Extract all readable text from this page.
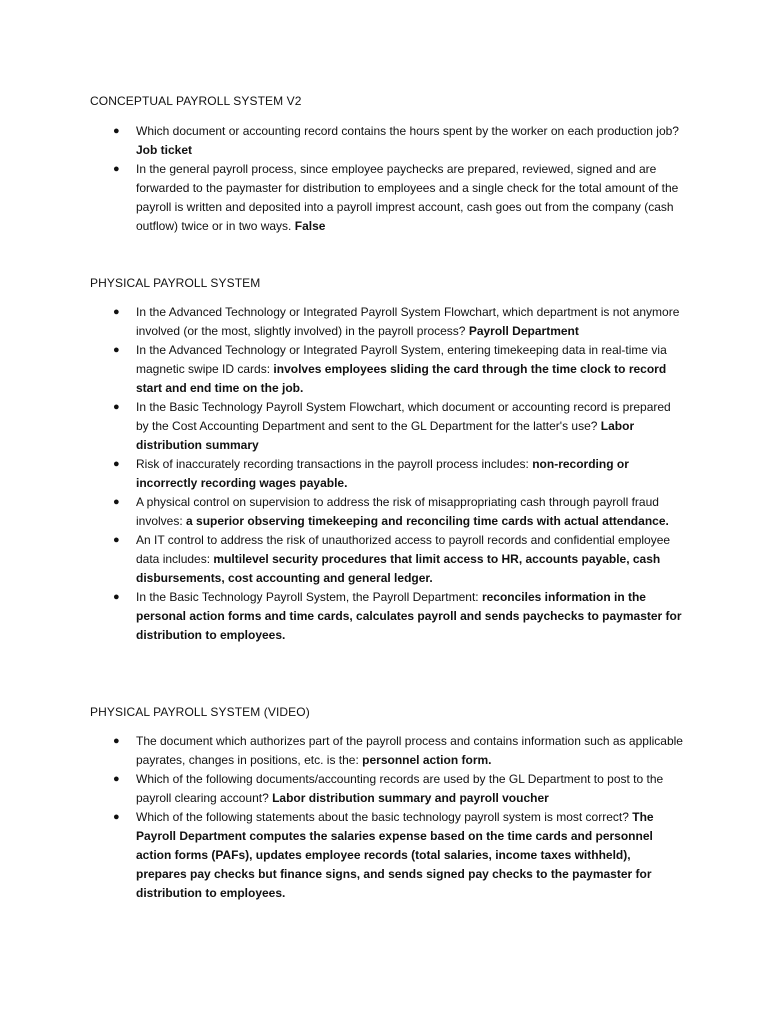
CONCEPTUAL PAYROLL SYSTEM V2
● Which document or accounting record contains the hours spent by the worker on each production job? Job ticket
● In the general payroll process, since employee paychecks are prepared, reviewed, signed and are forwarded to the paymaster for distribution to employees and a single check for the total amount of the payroll is written and deposited into a payroll imprest account, cash goes out from the company (cash outflow) twice or in two ways. False
PHYSICAL PAYROLL SYSTEM
● In the Advanced Technology or Integrated Payroll System Flowchart, which department is not anymore involved (or the most, slightly involved) in the payroll process? Payroll Department
● In the Advanced Technology or Integrated Payroll System, entering timekeeping data in real-time via magnetic swipe ID cards: involves employees sliding the card through the time clock to record start and end time on the job.
● In the Basic Technology Payroll System Flowchart, which document or accounting record is prepared by the Cost Accounting Department and sent to the GL Department for the latter's use? Labor distribution summary
● Risk of inaccurately recording transactions in the payroll process includes: non-recording or incorrectly recording wages payable.
● A physical control on supervision to address the risk of misappropriating cash through payroll fraud involves: a superior observing timekeeping and reconciling time cards with actual attendance.
● An IT control to address the risk of unauthorized access to payroll records and confidential employee data includes: multilevel security procedures that limit access to HR, accounts payable, cash disbursements, cost accounting and general ledger.
● In the Basic Technology Payroll System, the Payroll Department: reconciles information in the personal action forms and time cards, calculates payroll and sends paychecks to paymaster for distribution to employees.
PHYSICAL PAYROLL SYSTEM (VIDEO)
● The document which authorizes part of the payroll process and contains information such as applicable payrates, changes in positions, etc. is the: personnel action form.
● Which of the following documents/accounting records are used by the GL Department to post to the payroll clearing account? Labor distribution summary and payroll voucher
● Which of the following statements about the basic technology payroll system is most correct? The Payroll Department computes the salaries expense based on the time cards and personnel action forms (PAFs), updates employee records (total salaries, income taxes withheld), prepares pay checks but finance signs, and sends signed pay checks to the paymaster for distribution to employees.
